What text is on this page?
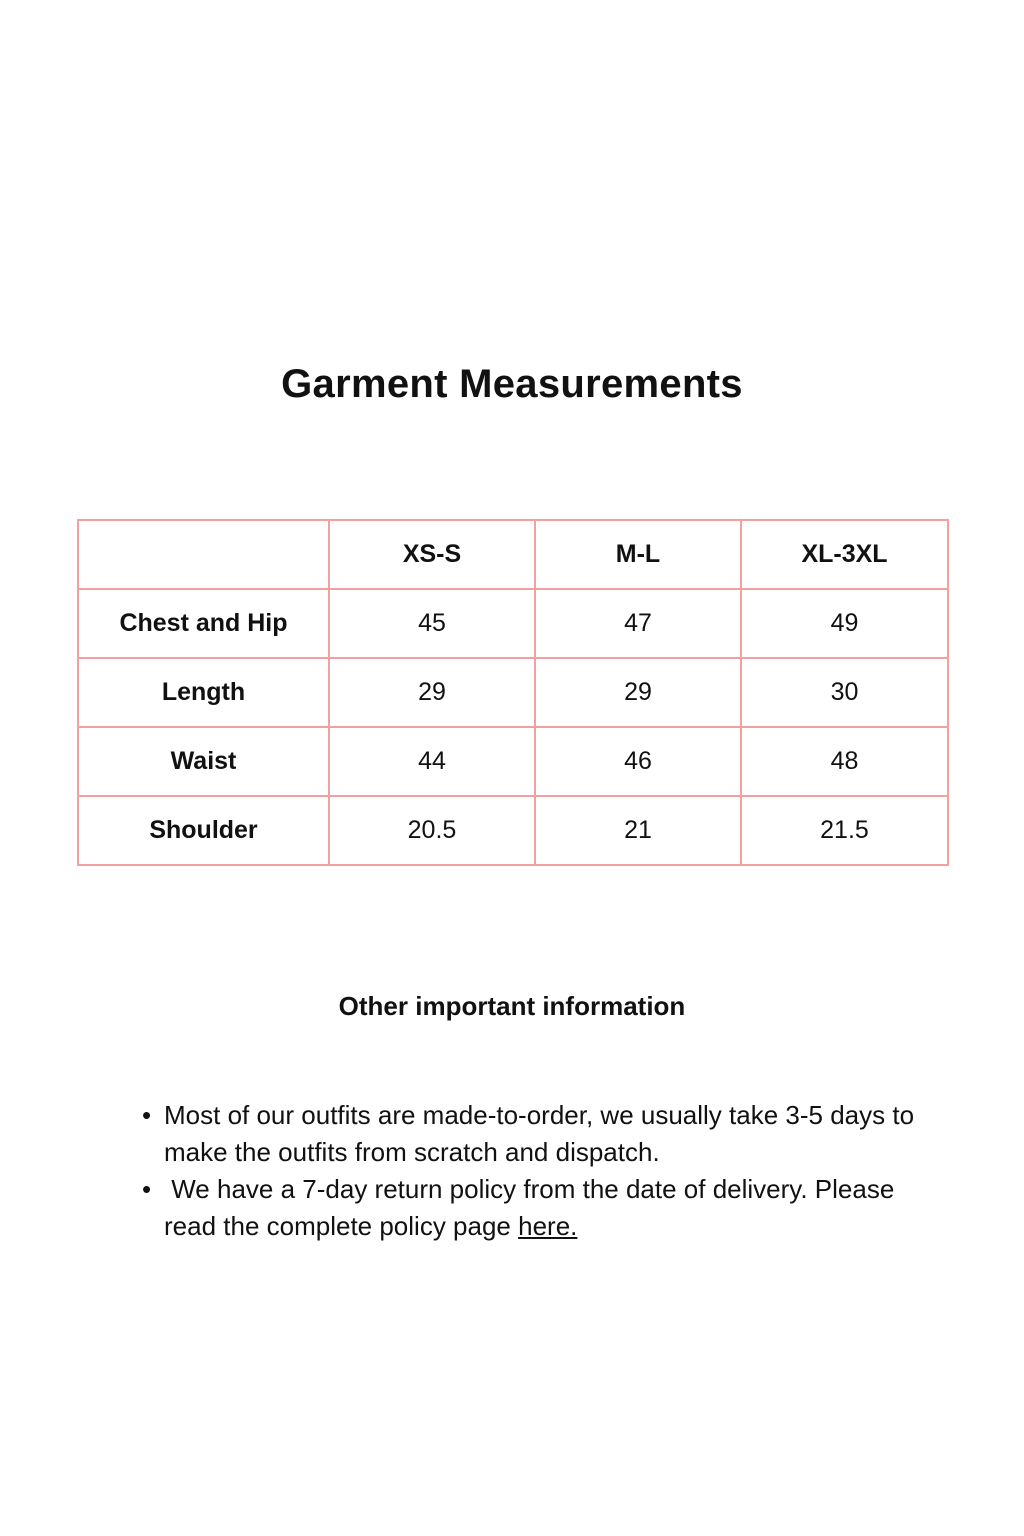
Garment Measurements
	XS-S	M-L	XL-3XL
Chest and Hip	45	47	49
Length	29	29	30
Waist	44	46	48
Shoulder	20.5	21	21.5
Other important information
• Most of our outfits are made-to-order, we usually take 3-5 days to make the outfits from scratch and dispatch.
• We have a 7-day return policy from the date of delivery. Please read the complete policy page here.
